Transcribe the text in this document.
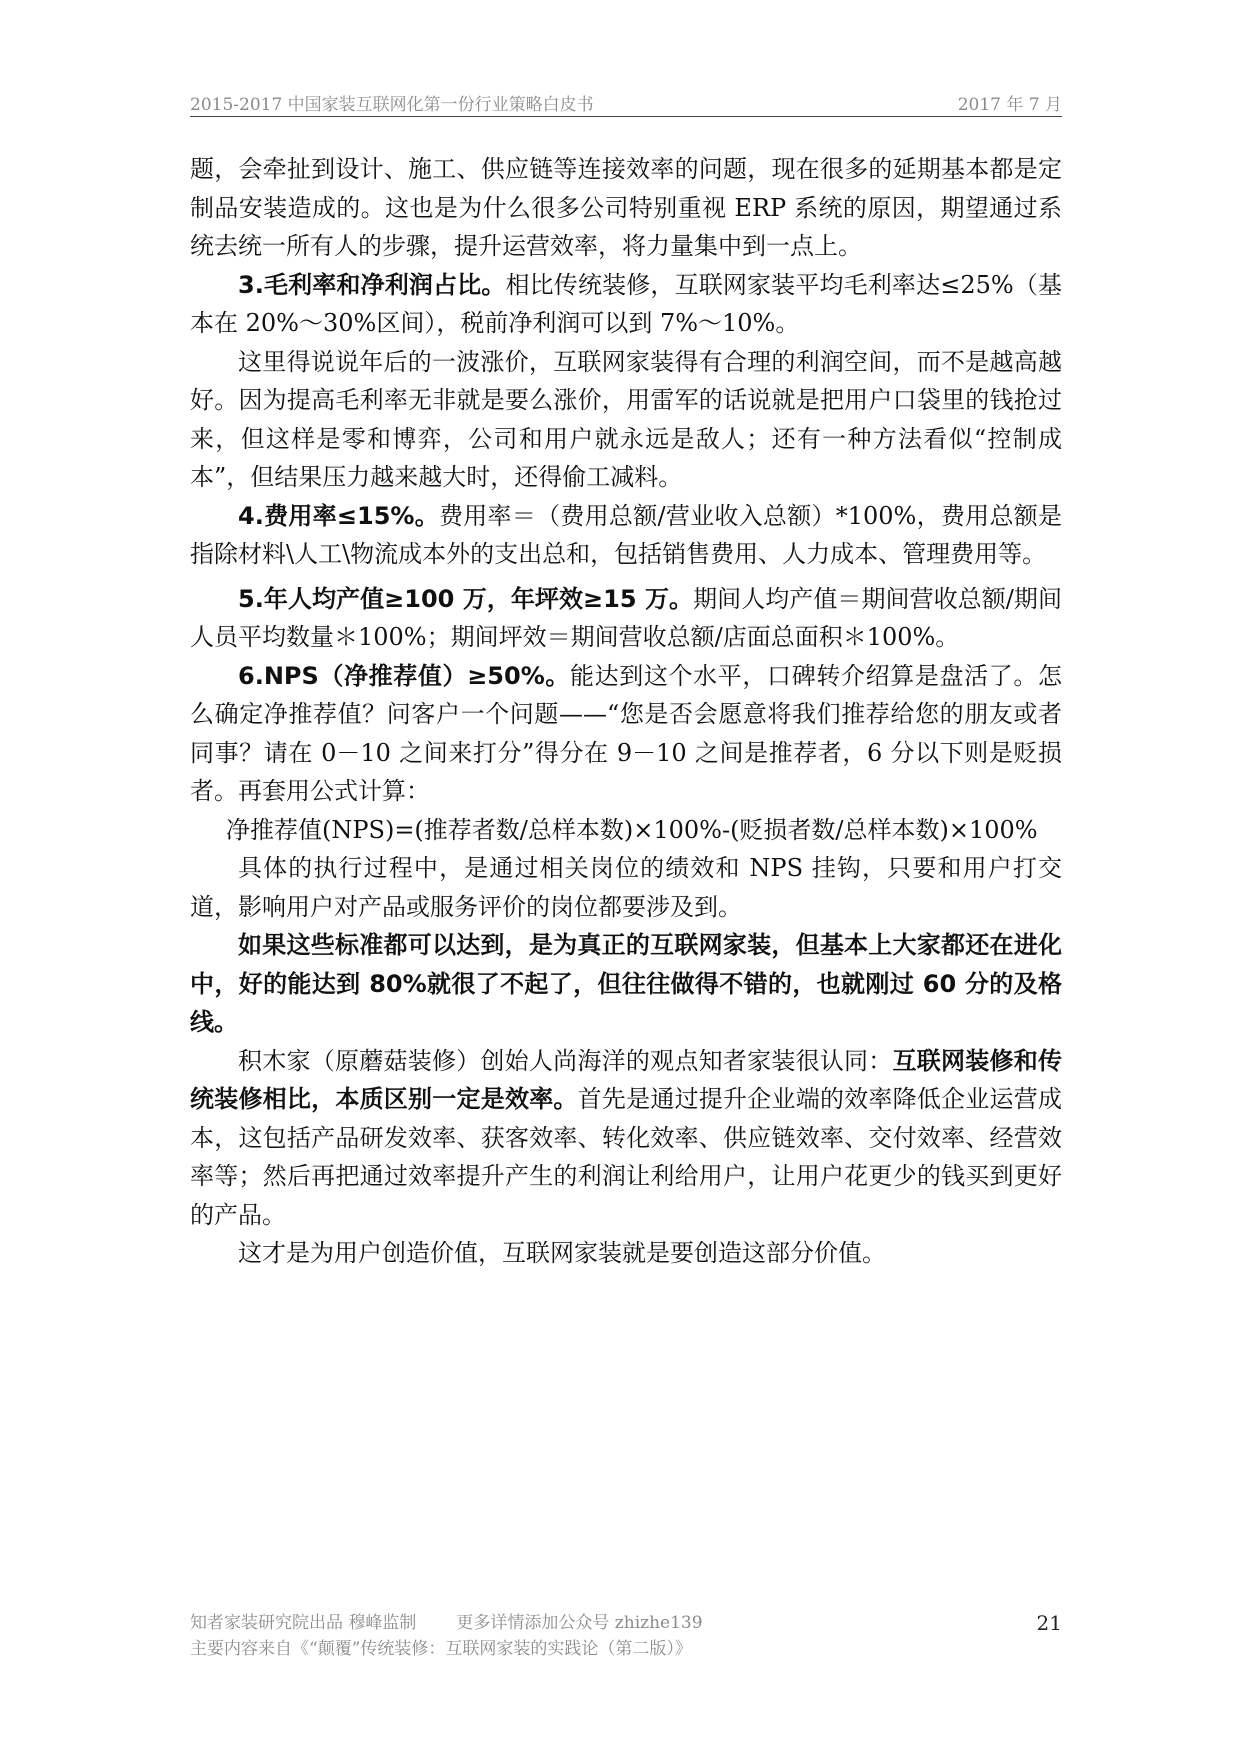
2015-2017 中国家装互联网化第一份行业策略白皮书	2017 年 7 月

题，会牵扯到设计、施工、供应链等连接效率的问题，现在很多的延期基本都是定制品安装造成的。这也是为什么很多公司特别重视 ERP 系统的原因，期望通过系统去统一所有人的步骤，提升运营效率，将力量集中到一点上。

3.毛利率和净利润占比。相比传统装修，互联网家装平均毛利率达≤25%（基本在 20%～30%区间），税前净利润可以到 7%～10%。

这里得说说年后的一波涨价，互联网家装得有合理的利润空间，而不是越高越好。因为提高毛利率无非就是要么涨价，用雷军的话说就是把用户口袋里的钱抢过来，但这样是零和博弈，公司和用户就永远是敌人；还有一种方法看似“控制成本”，但结果压力越来越大时，还得偷工减料。

4.费用率≤15%。费用率＝（费用总额/营业收入总额）*100%，费用总额是指除材料\人工\物流成本外的支出总和，包括销售费用、人力成本、管理费用等。

5.年人均产值≥100 万，年坪效≥15 万。期间人均产值＝期间营收总额/期间人员平均数量＊100%；期间坪效＝期间营收总额/店面总面积＊100%。

6.NPS（净推荐值）≥50%。能达到这个水平，口碑转介绍算是盘活了。怎么确定净推荐值？问客户一个问题——“您是否会愿意将我们推荐给您的朋友或者同事？请在 0－10 之间来打分”得分在 9－10 之间是推荐者，6 分以下则是贬损者。再套用公式计算：

净推荐值(NPS)=(推荐者数/总样本数)×100%-(贬损者数/总样本数)×100%

具体的执行过程中，是通过相关岗位的绩效和 NPS 挂钩，只要和用户打交道，影响用户对产品或服务评价的岗位都要涉及到。

如果这些标准都可以达到，是为真正的互联网家装，但基本上大家都还在进化中，好的能达到 80%就很了不起了，但往往做得不错的，也就刚过 60 分的及格线。

积木家（原蘑菇装修）创始人尚海洋的观点知者家装很认同：互联网装修和传统装修相比，本质区别一定是效率。首先是通过提升企业端的效率降低企业运营成本，这包括产品研发效率、获客效率、转化效率、供应链效率、交付效率、经营效率等；然后再把通过效率提升产生的利润让利给用户，让用户花更少的钱买到更好的产品。

这才是为用户创造价值，互联网家装就是要创造这部分价值。

知者家装研究院出品 穆峰监制 更多详情添加公众号 zhizhe139
主要内容来自《“颠覆”传统装修：互联网家装的实践论（第二版）》
21
